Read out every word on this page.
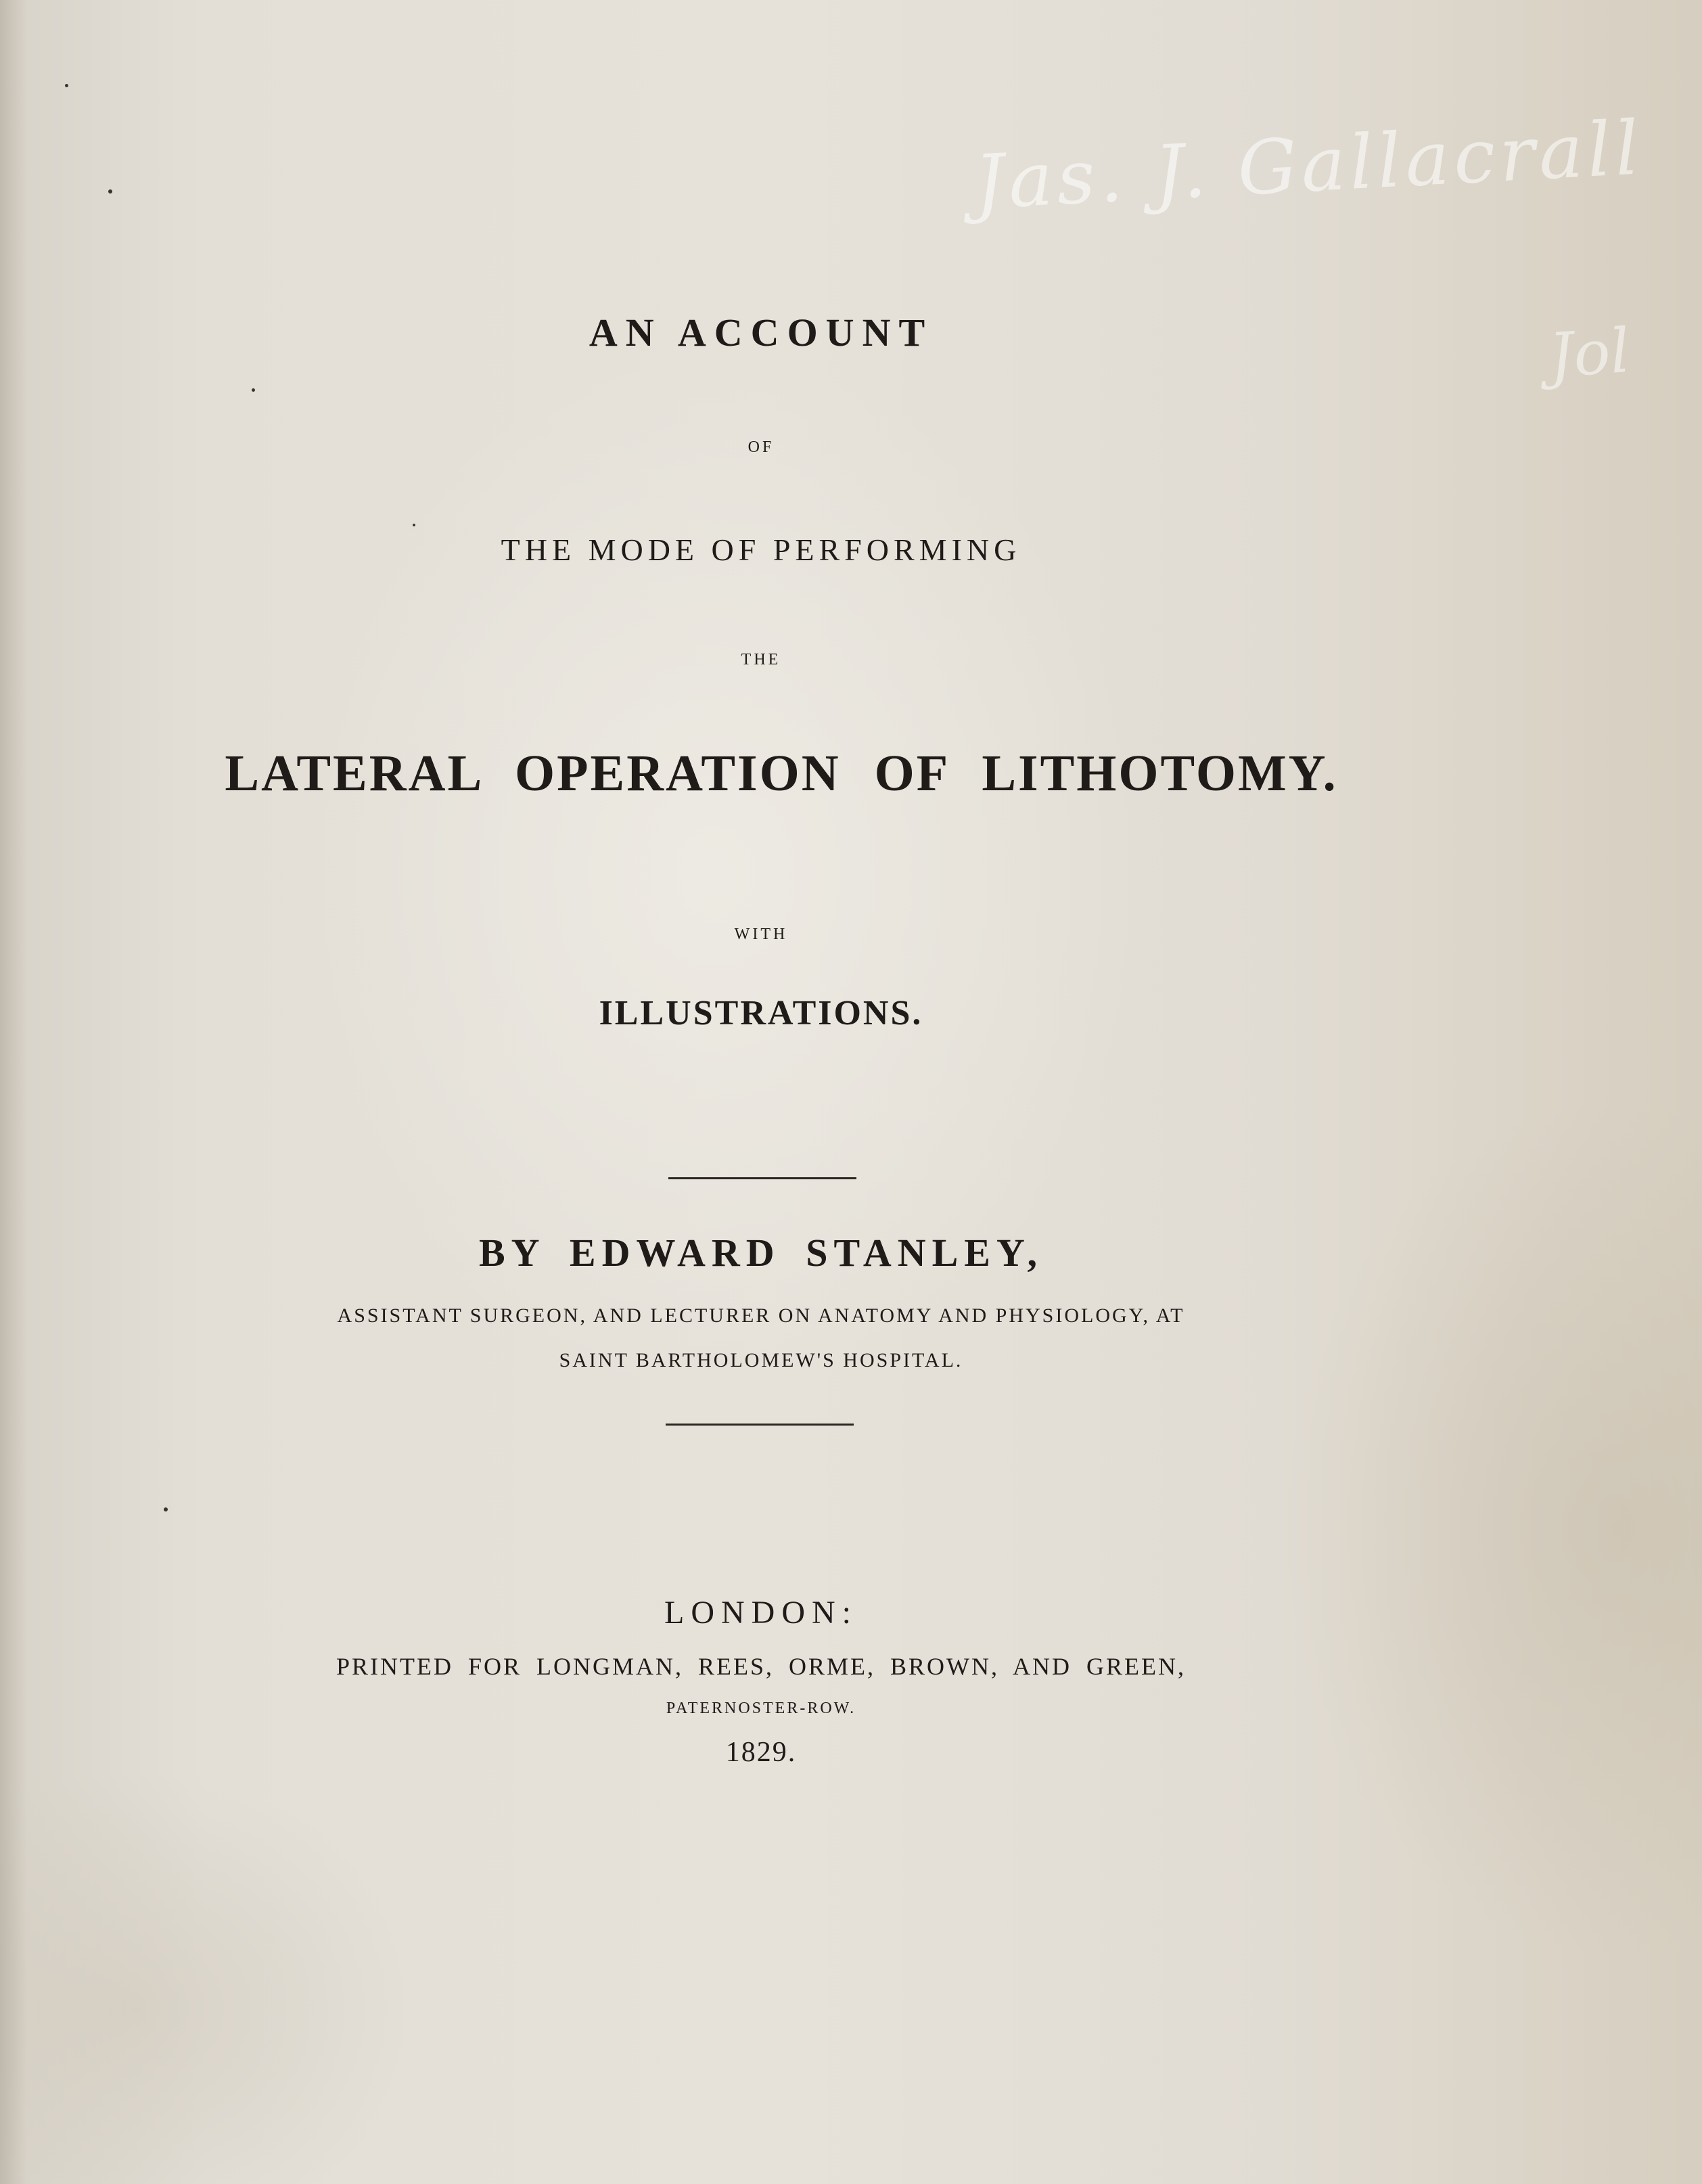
Jas. J. Gallacrall
Jol
AN ACCOUNT
OF
THE MODE OF PERFORMING
THE
LATERAL OPERATION OF LITHOTOMY.
WITH
ILLUSTRATIONS.
BY EDWARD STANLEY,
ASSISTANT SURGEON, AND LECTURER ON ANATOMY AND PHYSIOLOGY, AT
SAINT BARTHOLOMEW'S HOSPITAL.
LONDON:
PRINTED FOR LONGMAN, REES, ORME, BROWN, AND GREEN,
PATERNOSTER-ROW.
1829.
